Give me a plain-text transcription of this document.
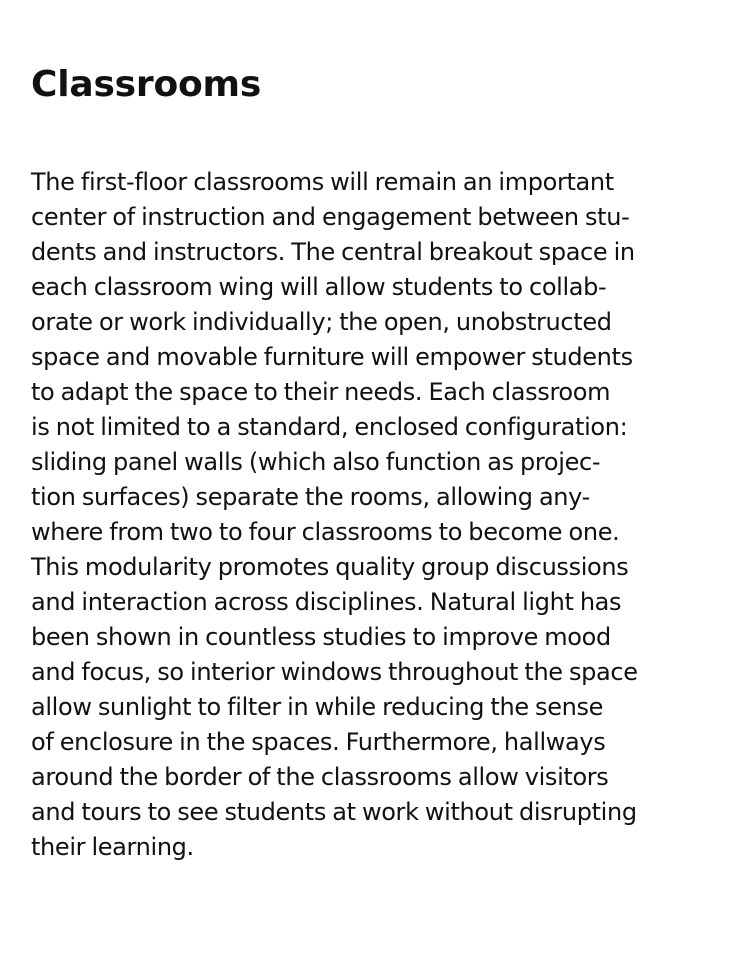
Classrooms
The first-floor classrooms will remain an important
center of instruction and engagement between stu-
dents and instructors. The central breakout space in
each classroom wing will allow students to collab-
orate or work individually; the open, unobstructed
space and movable furniture will empower students
to adapt the space to their needs. Each classroom
is not limited to a standard, enclosed configuration:
sliding panel walls (which also function as projec-
tion surfaces) separate the rooms, allowing any-
where from two to four classrooms to become one.
This modularity promotes quality group discussions
and interaction across disciplines. Natural light has
been shown in countless studies to improve mood
and focus, so interior windows throughout the space
allow sunlight to filter in while reducing the sense
of enclosure in the spaces. Furthermore, hallways
around the border of the classrooms allow visitors
and tours to see students at work without disrupting
their learning.
